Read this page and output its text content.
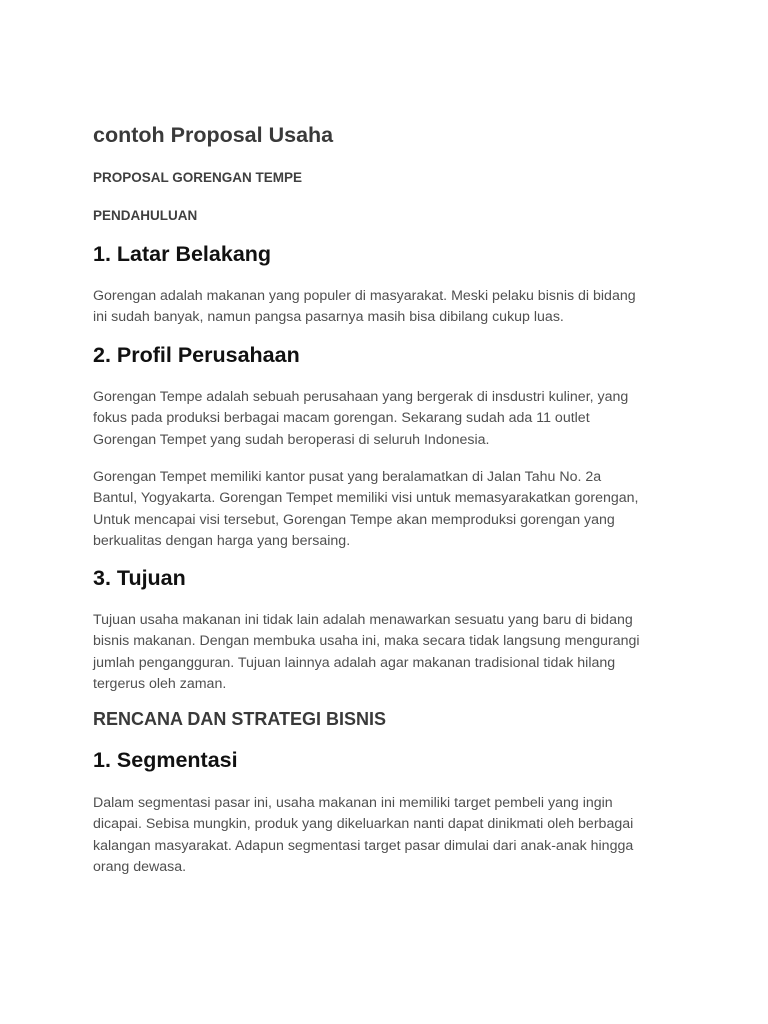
contoh Proposal Usaha

PROPOSAL GORENGAN TEMPE

PENDAHULUAN

1. Latar Belakang

Gorengan adalah makanan yang populer di masyarakat. Meski pelaku bisnis di bidang
ini sudah banyak, namun pangsa pasarnya masih bisa dibilang cukup luas.

2. Profil Perusahaan

Gorengan Tempe adalah sebuah perusahaan yang bergerak di insdustri kuliner, yang
fokus pada produksi berbagai macam gorengan. Sekarang sudah ada 11 outlet
Gorengan Tempet yang sudah beroperasi di seluruh Indonesia.

Gorengan Tempet memiliki kantor pusat yang beralamatkan di Jalan Tahu No. 2a
Bantul, Yogyakarta. Gorengan Tempet memiliki visi untuk memasyarakatkan gorengan,
Untuk mencapai visi tersebut, Gorengan Tempe akan memproduksi gorengan yang
berkualitas dengan harga yang bersaing.

3. Tujuan

Tujuan usaha makanan ini tidak lain adalah menawarkan sesuatu yang baru di bidang
bisnis makanan. Dengan membuka usaha ini, maka secara tidak langsung mengurangi
jumlah pengangguran. Tujuan lainnya adalah agar makanan tradisional tidak hilang
tergerus oleh zaman.

RENCANA DAN STRATEGI BISNIS
1. Segmentasi

Dalam segmentasi pasar ini, usaha makanan ini memiliki target pembeli yang ingin
dicapai. Sebisa mungkin, produk yang dikeluarkan nanti dapat dinikmati oleh berbagai
kalangan masyarakat. Adapun segmentasi target pasar dimulai dari anak-anak hingga
orang dewasa.
